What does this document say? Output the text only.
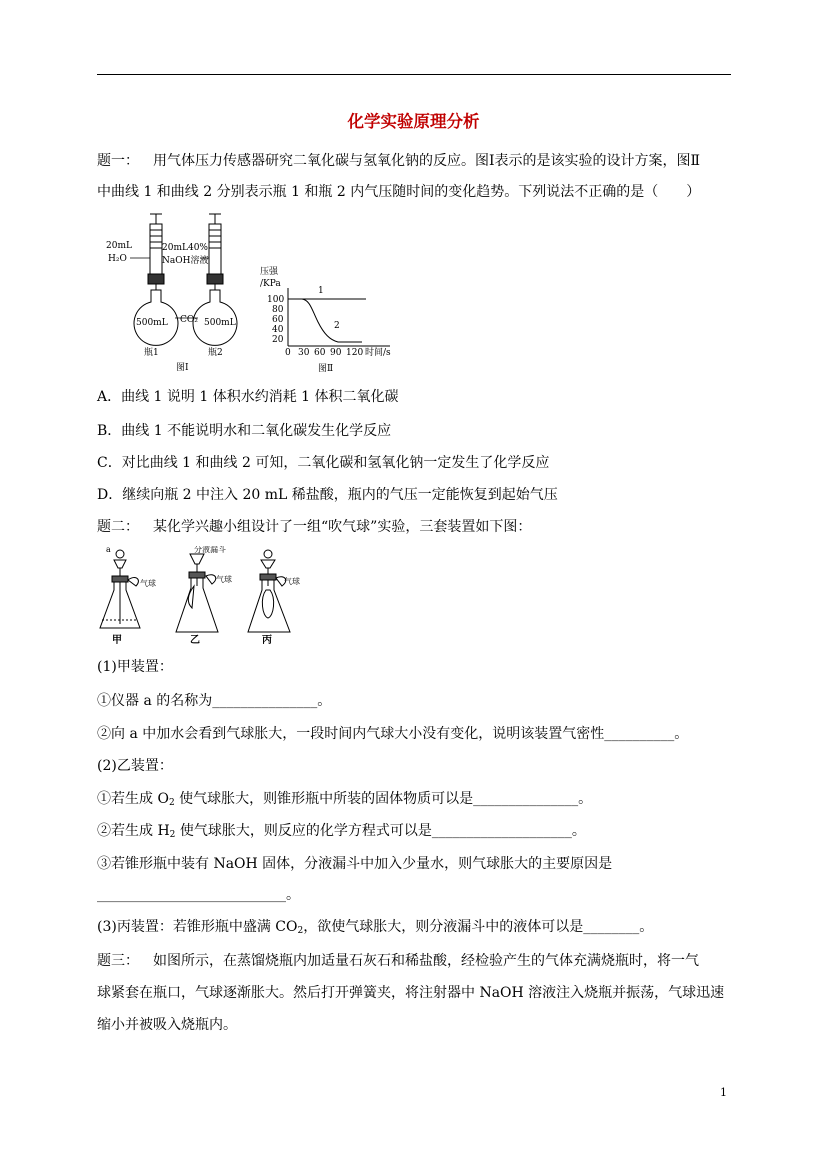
化学实验原理分析
题一： 用气体压力传感器研究二氧化碳与氢氧化钠的反应。图Ⅰ表示的是该实验的设计方案，图Ⅱ
中曲线 1 和曲线 2 分别表示瓶 1 和瓶 2 内气压随时间的变化趋势。下列说法不正确的是（　　）
20mL
H₂O
20mL40%
NaOH溶液
500mL CO₂ 500mL
瓶1	瓶2
图Ⅰ
压强
/KPa
100
80
60
40
20
0 30 60 90 120 时间/s
1
2
图Ⅱ
A．曲线 1 说明 1 体积水约消耗 1 体积二氧化碳
B．曲线 1 不能说明水和二氧化碳发生化学反应
C．对比曲线 1 和曲线 2 可知，二氧化碳和氢氧化钠一定发生了化学反应
D．继续向瓶 2 中注入 20 mL 稀盐酸，瓶内的气压一定能恢复到起始气压
题二： 某化学兴趣小组设计了一组“吹气球”实验，三套装置如下图：
a
气球
甲
分液漏斗
气球
乙
气球
丙
(1)甲装置：
①仪器 a 的名称为_______________。
②向 a 中加水会看到气球胀大，一段时间内气球大小没有变化，说明该装置气密性__________。
(2)乙装置：
①若生成 $O_2$ 使气球胀大，则锥形瓶中所装的固体物质可以是_______________。
②若生成 $H_2$ 使气球胀大，则反应的化学方程式可以是____________________。
③若锥形瓶中装有 NaOH 固体，分液漏斗中加入少量水，则气球胀大的主要原因是
___________________________。
(3)丙装置：若锥形瓶中盛满 $CO_2$，欲使气球胀大，则分液漏斗中的液体可以是________。
题三： 如图所示，在蒸馏烧瓶内加适量石灰石和稀盐酸，经检验产生的气体充满烧瓶时，将一气
球紧套在瓶口，气球逐渐胀大。然后打开弹簧夹，将注射器中 NaOH 溶液注入烧瓶并振荡，气球迅速
缩小并被吸入烧瓶内。
1
